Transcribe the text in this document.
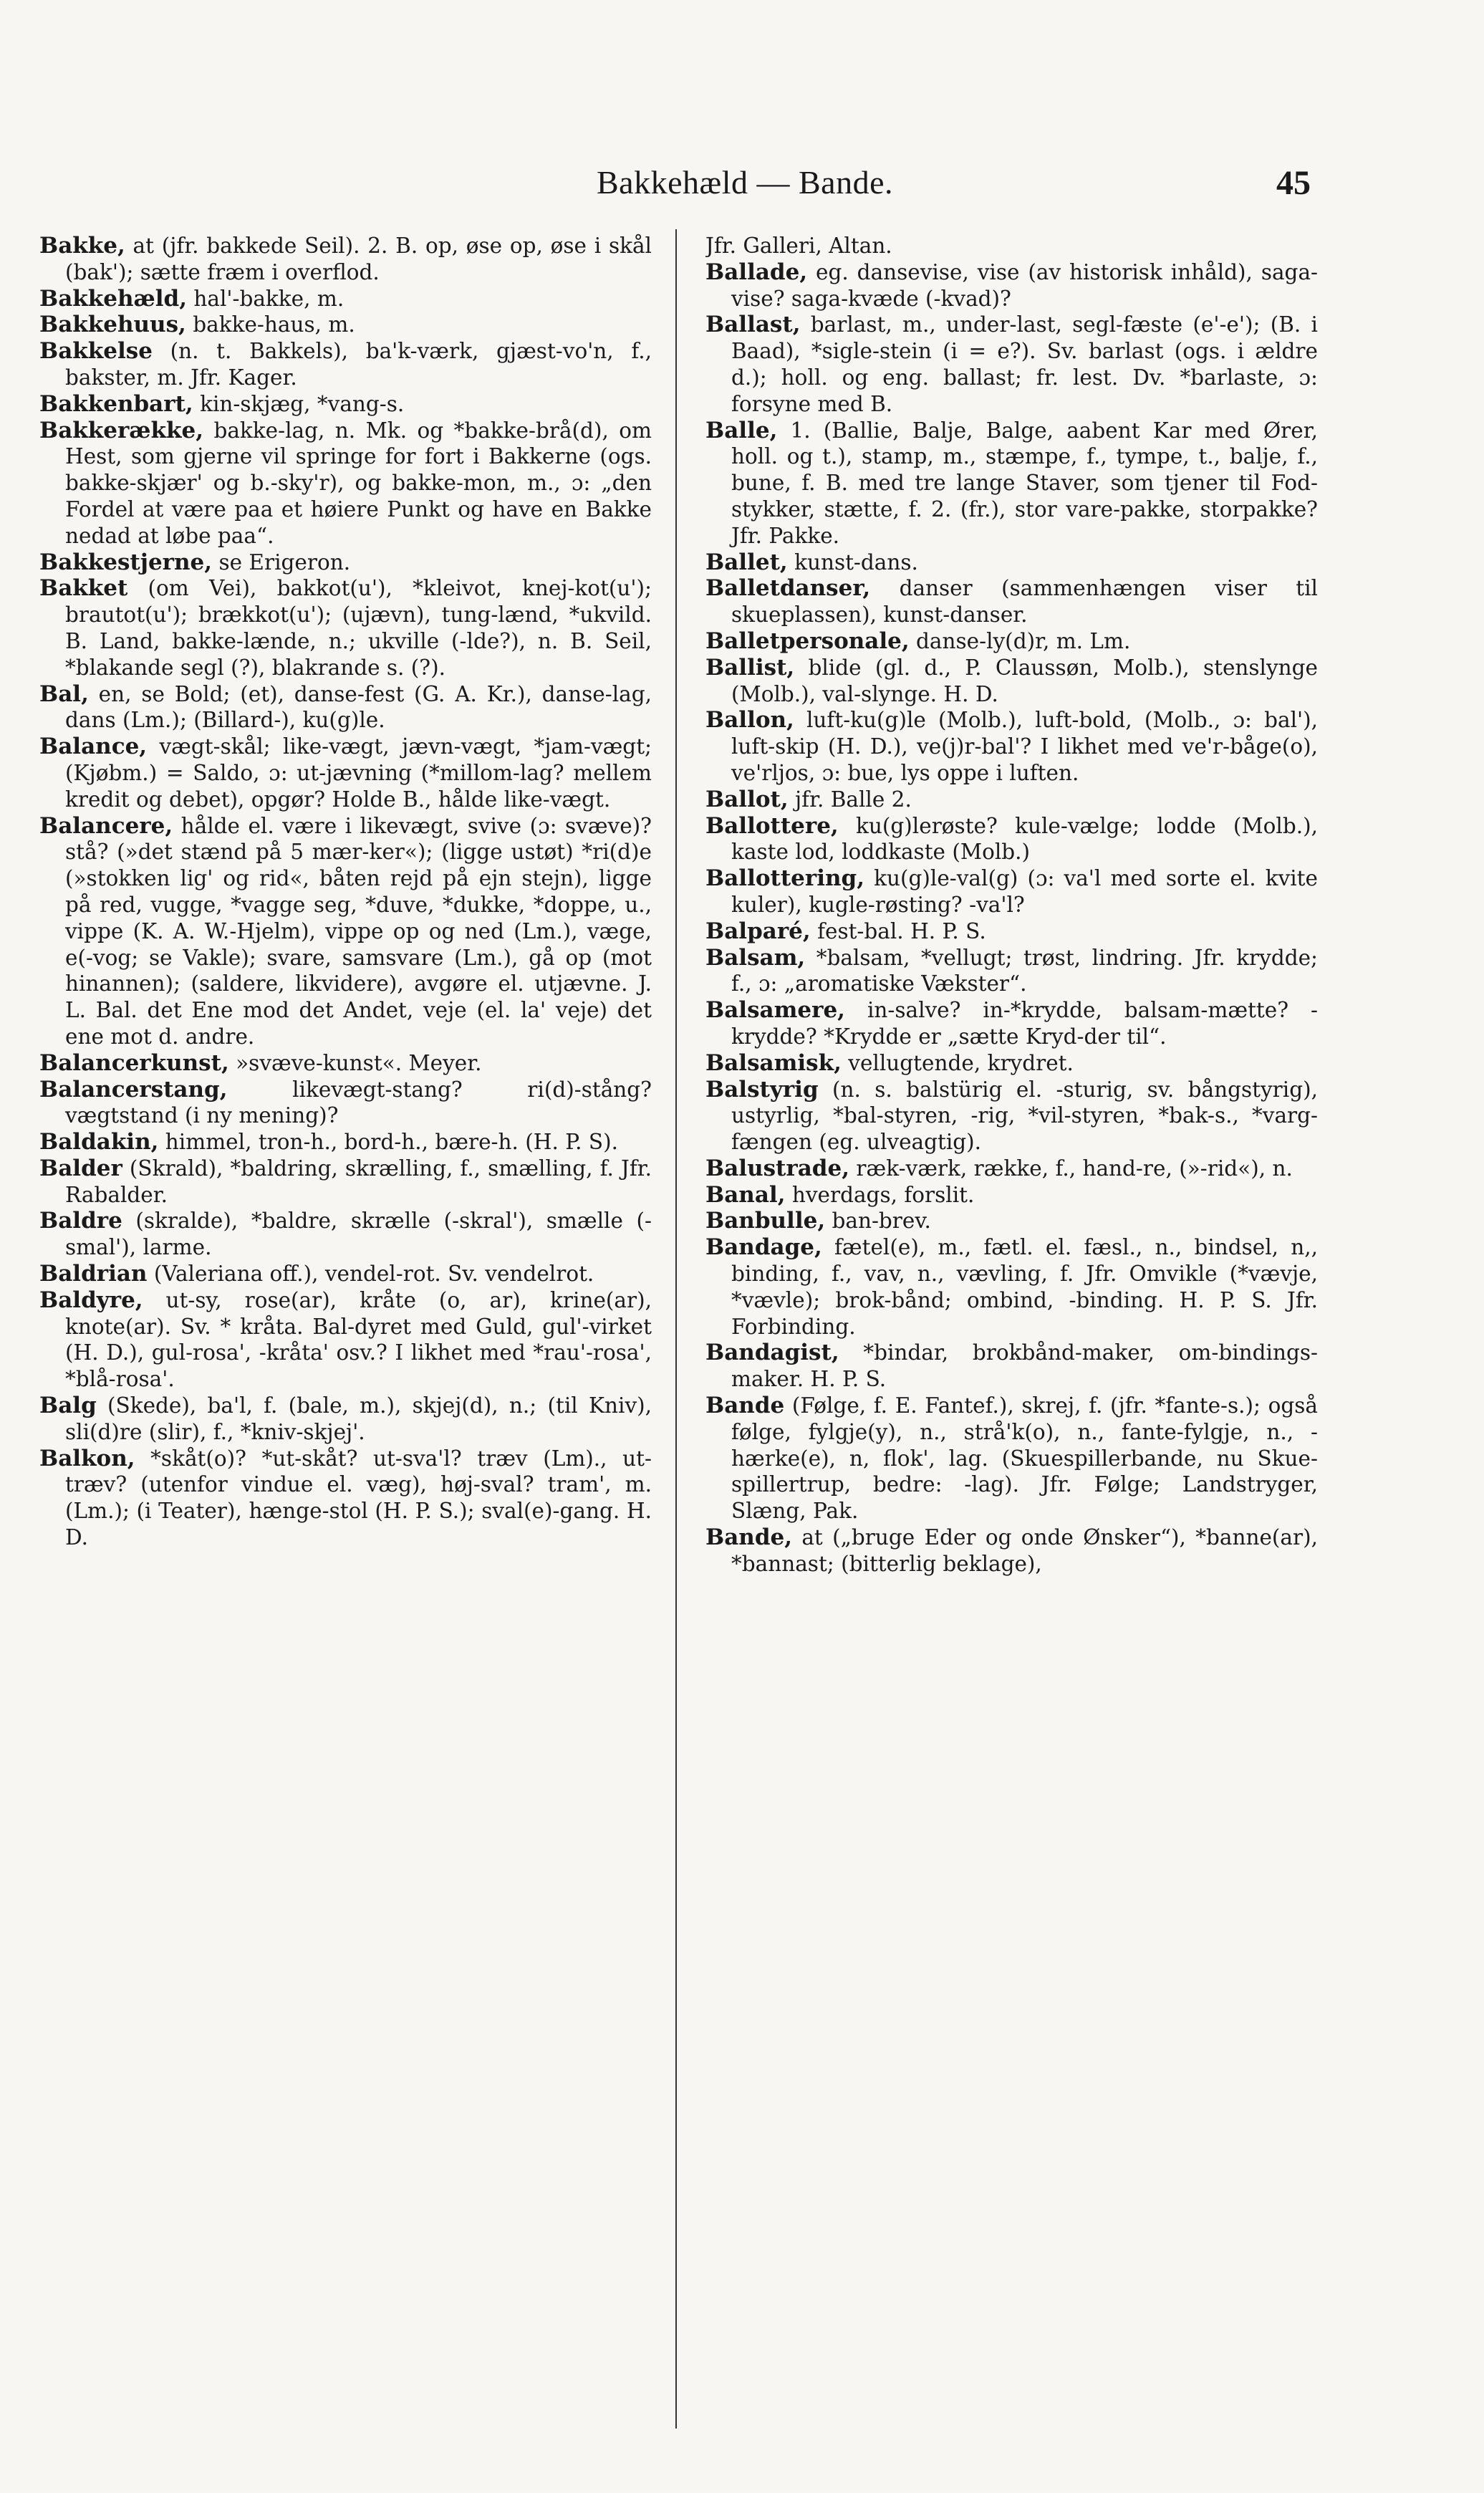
Bakkehæld — Bande.	45
Bakke, at (jfr. bakkede Seil). 2. B. op, øse op, øse i skål (bak'); sætte fræm i overflod.
Bakkehæld, hal'-bakke, m.
Bakkehuus, bakke-haus, m.
Bakkelse (n. t. Bakkels), ba'k-værk, gjæst-vo'n, f., bakster, m. Jfr. Kager.
Bakkenbart, kin-skjæg, *vang-s.
Bakkerække, bakke-lag, n. Mk. og *bakke-brå(d), om Hest, som gjerne vil springe for fort i Bakkerne (ogs. bakke-skjær' og b.-sky'r), og bakke-mon, m., ɔ: „den Fordel at være paa et høiere Punkt og have en Bakke nedad at løbe paa“.
Bakkestjerne, se Erigeron.
Bakket (om Vei), bakkot(u'), *kleivot, knej-kot(u'); brautot(u'); brækkot(u'); (ujævn), tung-lænd, *ukvild. B. Land, bakke-lænde, n.; ukville (-lde?), n. B. Seil, *blakande segl (?), blakrande s. (?).
Bal, en, se Bold; (et), danse-fest (G. A. Kr.), danse-lag, dans (Lm.); (Billard-), ku(g)le.
Balance, vægt-skål; like-vægt, jævn-vægt, *jam-vægt; (Kjøbm.) = Saldo, ɔ: ut-jævning (*millom-lag? mellem kredit og debet), opgør? Holde B., hålde like-vægt.
Balancere, hålde el. være i likevægt, svive (ɔ: svæve)? stå? (»det stænd på 5 mær-ker«); (ligge ustøt) *ri(d)e (»stokken lig' og rid«, båten rejd på ejn stejn), ligge på red, vugge, *vagge seg, *duve, *dukke, *doppe, u., vippe (K. A. W.-Hjelm), vippe op og ned (Lm.), væge, e(-vog; se Vakle); svare, samsvare (Lm.), gå op (mot hinannen); (saldere, likvidere), avgøre el. utjævne. J. L. Bal. det Ene mod det Andet, veje (el. la' veje) det ene mot d. andre.
Balancerkunst, »svæve-kunst«. Meyer.
Balancerstang, likevægt-stang? ri(d)-stång? vægtstand (i ny mening)?
Baldakin, himmel, tron-h., bord-h., bære-h. (H. P. S).
Balder (Skrald), *baldring, skrælling, f., smælling, f. Jfr. Rabalder.
Baldre (skralde), *baldre, skrælle (-skral'), smælle (-smal'), larme.
Baldrian (Valeriana off.), vendel-rot. Sv. vendelrot.
Baldyre, ut-sy, rose(ar), kråte (o, ar), krine(ar), knote(ar). Sv. * kråta. Bal-dyret med Guld, gul'-virket (H. D.), gul-rosa', -kråta' osv.? I likhet med *rau'-rosa', *blå-rosa'.
Balg (Skede), ba'l, f. (bale, m.), skjej(d), n.; (til Kniv), sli(d)re (slir), f., *kniv-skjej'.
Balkon, *skåt(o)? *ut-skåt? ut-sva'l? træv (Lm)., ut-træv? (utenfor vindue el. væg), høj-sval? tram', m. (Lm.); (i Teater), hænge-stol (H. P. S.); sval(e)-gang. H. D.
Jfr. Galleri, Altan.
Ballade, eg. dansevise, vise (av historisk inhåld), saga-vise? saga-kvæde (-kvad)?
Ballast, barlast, m., under-last, segl-fæste (e'-e'); (B. i Baad), *sigle-stein (i = e?). Sv. barlast (ogs. i ældre d.); holl. og eng. ballast; fr. lest. Dv. *barlaste, ɔ: forsyne med B.
Balle, 1. (Ballie, Balje, Balge, aabent Kar med Ører, holl. og t.), stamp, m., stæmpe, f., tympe, t., balje, f., bune, f. B. med tre lange Staver, som tjener til Fod-stykker, stætte, f. 2. (fr.), stor vare-pakke, storpakke? Jfr. Pakke.
Ballet, kunst-dans.
Balletdanser, danser (sammenhængen viser til skueplassen), kunst-danser.
Balletpersonale, danse-ly(d)r, m. Lm.
Ballist, blide (gl. d., P. Claussøn, Molb.), stenslynge (Molb.), val-slynge. H. D.
Ballon, luft-ku(g)le (Molb.), luft-bold, (Molb., ɔ: bal'), luft-skip (H. D.), ve(j)r-bal'? I likhet med ve'r-båge(o), ve'rljos, ɔ: bue, lys oppe i luften.
Ballot, jfr. Balle 2.
Ballottere, ku(g)lerøste? kule-vælge; lodde (Molb.), kaste lod, loddkaste (Molb.)
Ballottering, ku(g)le-val(g) (ɔ: va'l med sorte el. kvite kuler), kugle-røsting? -va'l?
Balparé, fest-bal. H. P. S.
Balsam, *balsam, *vellugt; trøst, lindring. Jfr. krydde; f., ɔ: „aromatiske Vækster“.
Balsamere, in-salve? in-*krydde, balsam-mætte? -krydde? *Krydde er „sætte Kryd-der til“.
Balsamisk, vellugtende, krydret.
Balstyrig (n. s. balstürig el. -sturig, sv. bångstyrig), ustyrlig, *bal-styren, -rig, *vil-styren, *bak-s., *varg-fængen (eg. ulveagtig).
Balustrade, ræk-værk, række, f., hand-re, (»-rid«), n.
Banal, hverdags, forslit.
Banbulle, ban-brev.
Bandage, fætel(e), m., fætl. el. fæsl., n., bindsel, n,, binding, f., vav, n., vævling, f. Jfr. Omvikle (*vævje, *vævle); brok-bånd; ombind, -binding. H. P. S. Jfr. Forbinding.
Bandagist, *bindar, brokbånd-maker, om-bindings-maker. H. P. S.
Bande (Følge, f. E. Fantef.), skrej, f. (jfr. *fante-s.); også følge, fylgje(y), n., strå'k(o), n., fante-fylgje, n., -hærke(e), n, flok', lag. (Skuespillerbande, nu Skue-spillertrup, bedre: -lag). Jfr. Følge; Landstryger, Slæng, Pak.
Bande, at („bruge Eder og onde Ønsker“), *banne(ar), *bannast; (bitterlig beklage),
